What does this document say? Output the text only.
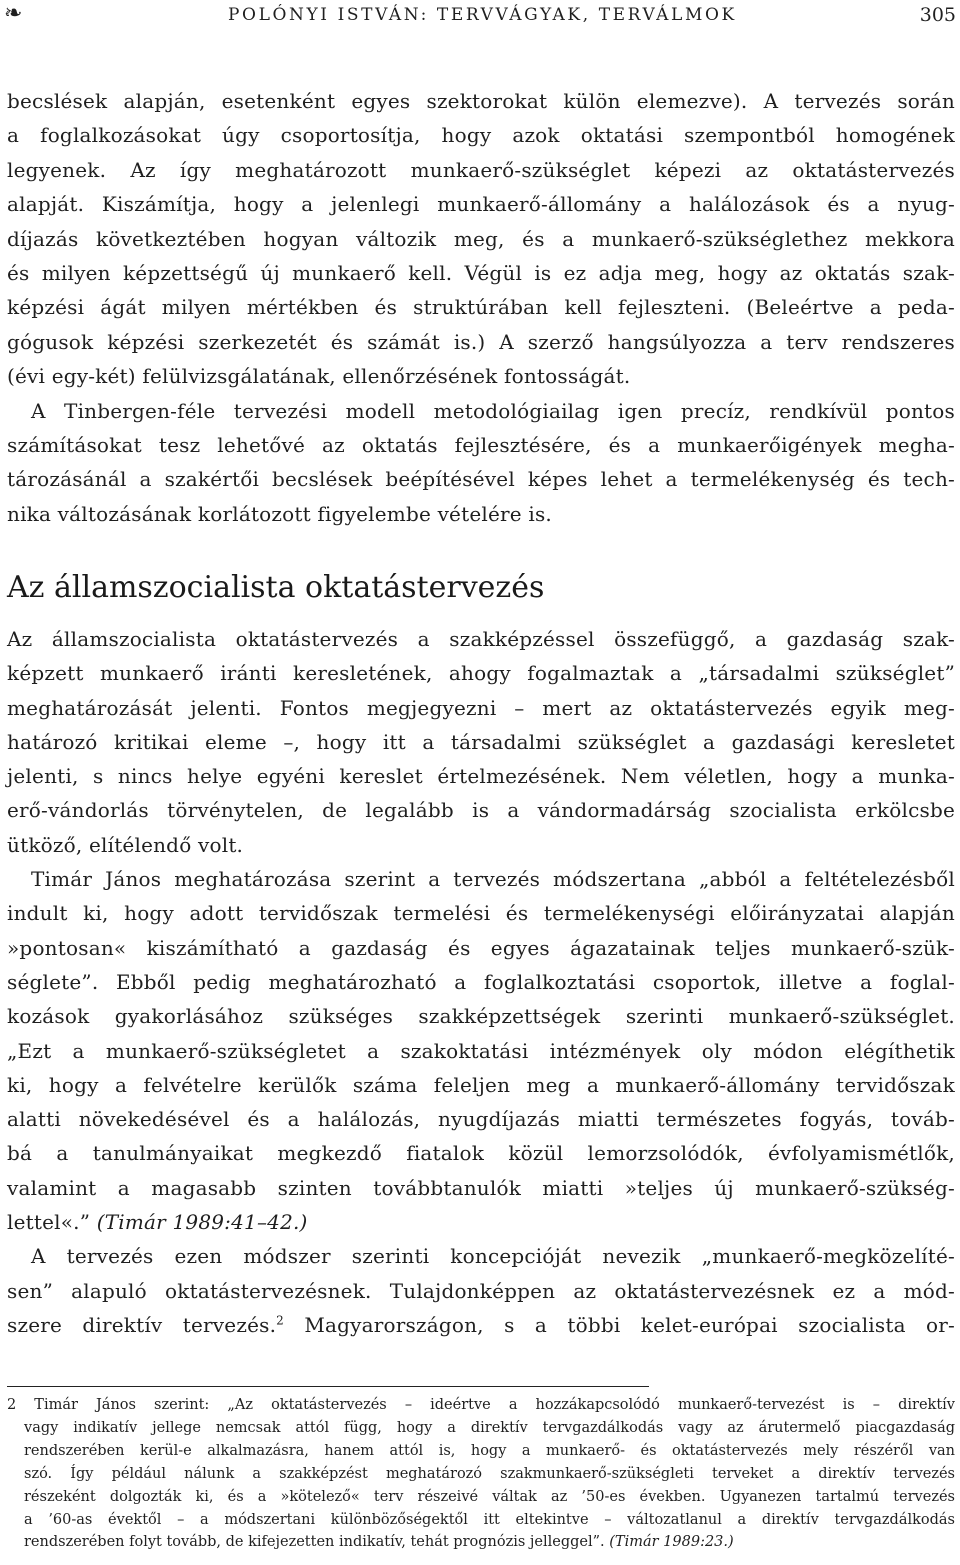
❧	POLÓNYI ISTVÁN: TERVVÁGYAK, TERVÁLMOK	305

becslések alapján, esetenként egyes szektorokat külön elemezve). A tervezés során
a foglalkozásokat úgy csoportosítja, hogy azok oktatási szempontból homogének
legyenek. Az így meghatározott munkaerő-szükséglet képezi az oktatástervezés
alapját. Kiszámítja, hogy a jelenlegi munkaerő-állomány a halálozások és a nyug-
díjazás következtében hogyan változik meg, és a munkaerő-szükséglethez mekkora
és milyen képzettségű új munkaerő kell. Végül is ez adja meg, hogy az oktatás szak-
képzési ágát milyen mértékben és struktúrában kell fejleszteni. (Beleértve a peda-
gógusok képzési szerkezetét és számát is.) A szerző hangsúlyozza a terv rendszeres
(évi egy-két) felülvizsgálatának, ellenőrzésének fontosságát.

A Tinbergen-féle tervezési modell metodológiailag igen precíz, rendkívül pontos
számításokat tesz lehetővé az oktatás fejlesztésére, és a munkaerőigények megha-
tározásánál a szakértői becslések beépítésével képes lehet a termelékenység és tech-
nika változásának korlátozott figyelembe vételére is.

Az államszocialista oktatástervezés

Az államszocialista oktatástervezés a szakképzéssel összefüggő, a gazdaság szak-
képzett munkaerő iránti keresletének, ahogy fogalmaztak a „társadalmi szükséglet”
meghatározását jelenti. Fontos megjegyezni – mert az oktatástervezés egyik meg-
határozó kritikai eleme –, hogy itt a társadalmi szükséglet a gazdasági keresletet
jelenti, s nincs helye egyéni kereslet értelmezésének. Nem véletlen, hogy a munka-
erő-vándorlás törvénytelen, de legalább is a vándormadárság szocialista erkölcsbe
ütköző, elítélendő volt.

Timár János meghatározása szerint a tervezés módszertana „abból a feltételezésből
indult ki, hogy adott tervidőszak termelési és termelékenységi előirányzatai alapján
»pontosan« kiszámítható a gazdaság és egyes ágazatainak teljes munkaerő-szük-
séglete”. Ebből pedig meghatározható a foglalkoztatási csoportok, illetve a foglal-
kozások gyakorlásához szükséges szakképzettségek szerinti munkaerő-szükséglet.
„Ezt a munkaerő-szükségletet a szakoktatási intézmények oly módon elégíthetik
ki, hogy a felvételre kerülők száma feleljen meg a munkaerő-állomány tervidőszak
alatti növekedésével és a halálozás, nyugdíjazás miatti természetes fogyás, továb-
bá a tanulmányaikat megkezdő fiatalok közül lemorzsolódók, évfolyamismétlők,
valamint a magasabb szinten továbbtanulók miatti »teljes új munkaerő-szükség-
lettel«.” (Timár 1989:41–42.)

A tervezés ezen módszer szerinti koncepcióját nevezik „munkaerő-megközelíté-
sen” alapuló oktatástervezésnek. Tulajdonképpen az oktatástervezésnek ez a mód-
szere direktív tervezés.$^2$ Magyarországon, s a többi kelet-európai szocialista or-

2 Timár János szerint: „Az oktatástervezés – ideértve a hozzákapcsolódó munkaerő-tervezést is – direktív
vagy indikatív jellege nemcsak attól függ, hogy a direktív tervgazdálkodás vagy az árutermelő piacgazdaság
rendszerében kerül-e alkalmazásra, hanem attól is, hogy a munkaerő- és oktatástervezés mely részéről van
szó. Így például nálunk a szakképzést meghatározó szakmunkaerő-szükségleti terveket a direktív tervezés
részeként dolgozták ki, és a »kötelező« terv részeivé váltak az ’50-es években. Ugyanezen tartalmú tervezés
a ’60-as évektől – a módszertani különbözőségektől itt eltekintve – változatlanul a direktív tervgazdálkodás
rendszerében folyt tovább, de kifejezetten indikatív, tehát prognózis jelleggel”. (Timár 1989:23.)
